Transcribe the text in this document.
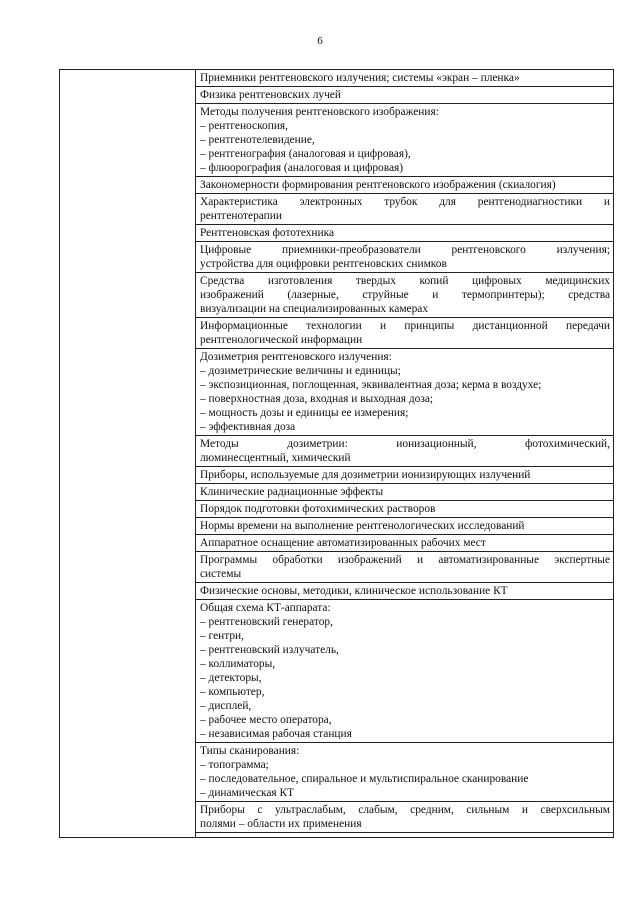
6

Приемники рентгеновского излучения; системы «экран – пленка»

Физика рентгеновских лучей

Методы получения рентгеновского изображения:
– рентгеноскопия,
– рентгенотелевидение,
– рентгенография (аналоговая и цифровая),
– флюорография (аналоговая и цифровая)

Закономерности формирования рентгеновского изображения (скиалогия)

Характеристика электронных трубок для рентгенодиагностики и
рентгенотерапии

Рентгеновская фототехника

Цифровые приемники-преобразователи рентгеновского излучения;
устройства для оцифровки рентгеновских снимков

Средства изготовления твердых копий цифровых медицинских
изображений (лазерные, струйные и термопринтеры); средства
визуализации на специализированных камерах

Информационные технологии и принципы дистанционной передачи
рентгенологической информации

Дозиметрия рентгеновского излучения:
– дозиметрические величины и единицы;
– экспозиционная, поглощенная, эквивалентная доза; керма в воздухе;
– поверхностная доза, входная и выходная доза;
– мощность дозы и единицы ее измерения;
– эффективная доза

Методы дозиметрии: ионизационный, фотохимический,
люминесцентный, химический

Приборы, используемые для дозиметрии ионизирующих излучений

Клинические радиационные эффекты

Порядок подготовки фотохимических растворов

Нормы времени на выполнение рентгенологических исследований

Аппаратное оснащение автоматизированных рабочих мест

Программы обработки изображений и автоматизированные экспертные
системы

Физические основы, методики, клиническое использование КТ

Общая схема КТ-аппарата:
– рентгеновский генератор,
– гентри,
– рентгеновский излучатель,
– коллиматоры,
– детекторы,
– компьютер,
– дисплей,
– рабочее место оператора,
– независимая рабочая станция

Типы сканирования:
– топограмма;
– последовательное, спиральное и мультиспиральное сканирование
– динамическая КТ

Приборы с ультраслабым, слабым, средним, сильным и сверхсильным
полями – области их применения
